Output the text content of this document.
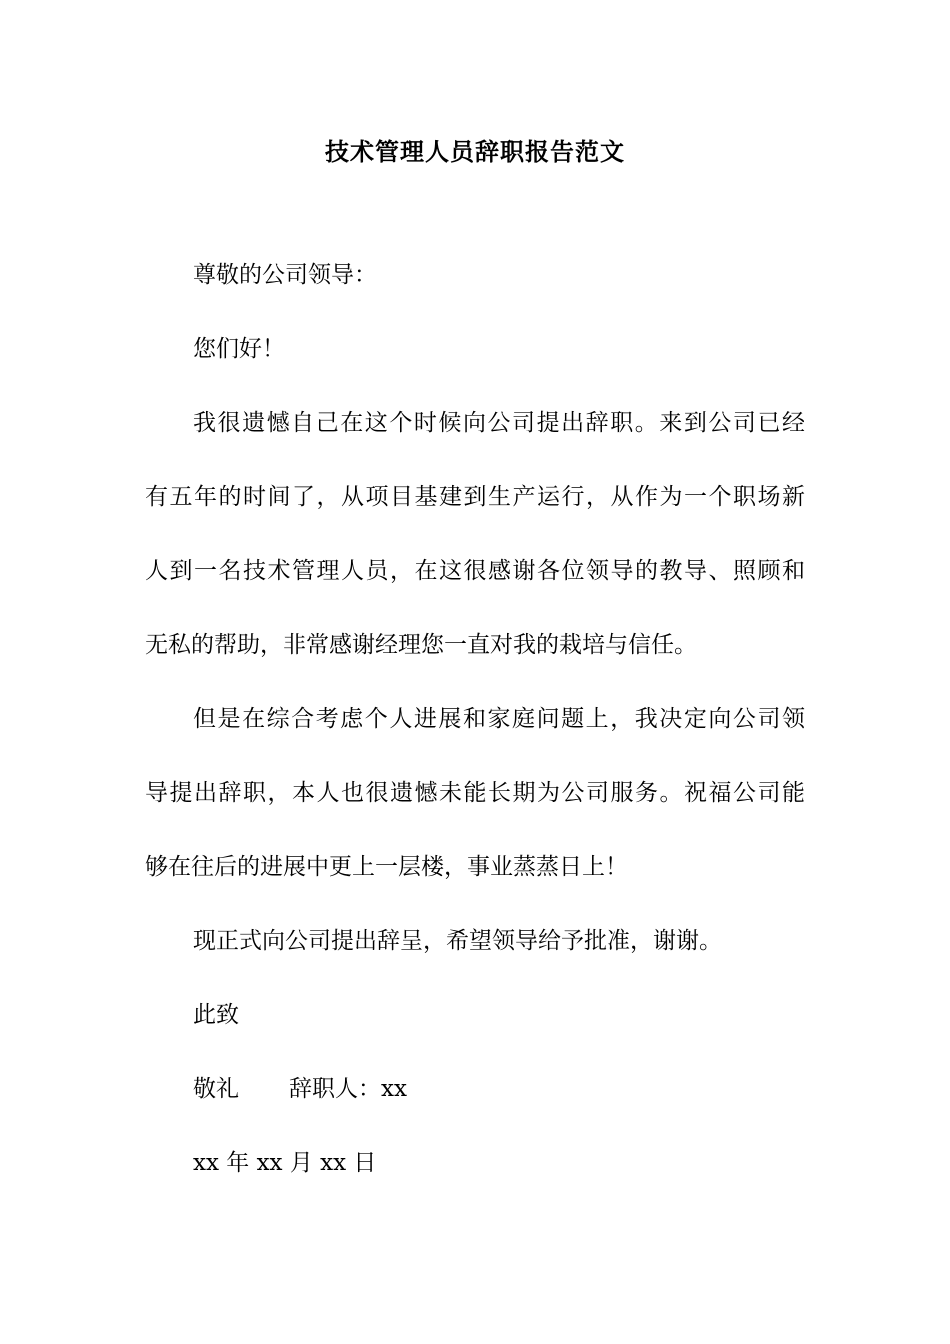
技术管理人员辞职报告范文
尊敬的公司领导：
您们好！
我很遗憾自己在这个时候向公司提出辞职。来到公司已经
有五年的时间了，从项目基建到生产运行，从作为一个职场新
人到一名技术管理人员，在这很感谢各位领导的教导、照顾和
无私的帮助，非常感谢经理您一直对我的栽培与信任。
但是在综合考虑个人进展和家庭问题上，我决定向公司领
导提出辞职，本人也很遗憾未能长期为公司服务。祝福公司能
够在往后的进展中更上一层楼，事业蒸蒸日上！
现正式向公司提出辞呈，希望领导给予批准，谢谢。
此致
敬礼 辞职人：xx
xx 年 xx 月 xx 日
